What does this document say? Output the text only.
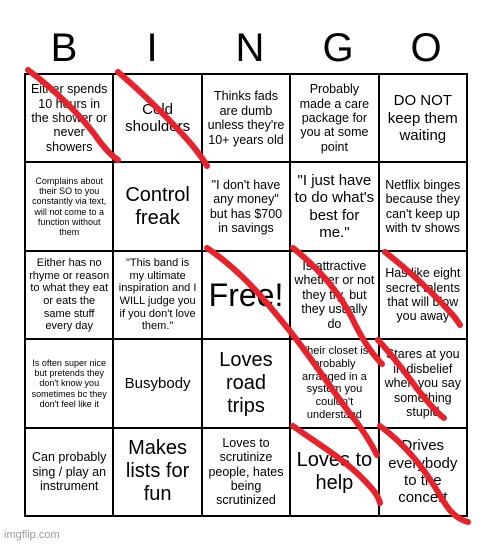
B	I	N	G	O
Either spends 10 hours in the shower or never showers
Cold shoulders
Thinks fads are dumb unless they're 10+ years old
Probably made a care package for you at some point
DO NOT keep them waiting
Complains about their SO to you constantly via text, will not come to a function without them
Control freak
"I don't have any money" but has $700 in savings
"I just have to do what's best for me."
Netflix binges because they can't keep up with tv shows
Either has no rhyme or reason to what they eat or eats the same stuff every day
"This band is my ultimate inspiration and I WILL judge you if you don't love them."
Free!
Is attractive whether or not they try, but they usually do
Has like eight secret talents that will blow you away
Is often super nice but pretends they don't know you sometimes bc they don't feel like it
Busybody
Loves road trips
Their closet is probably arranged in a system you couldn't understand
Stares at you in disbelief when you say something stupid
Can probably sing / play an instrument
Makes lists for fun
Loves to scrutinize people, hates being scrutinized
Loves to help
Drives everybody to the concert
imgflip.com
